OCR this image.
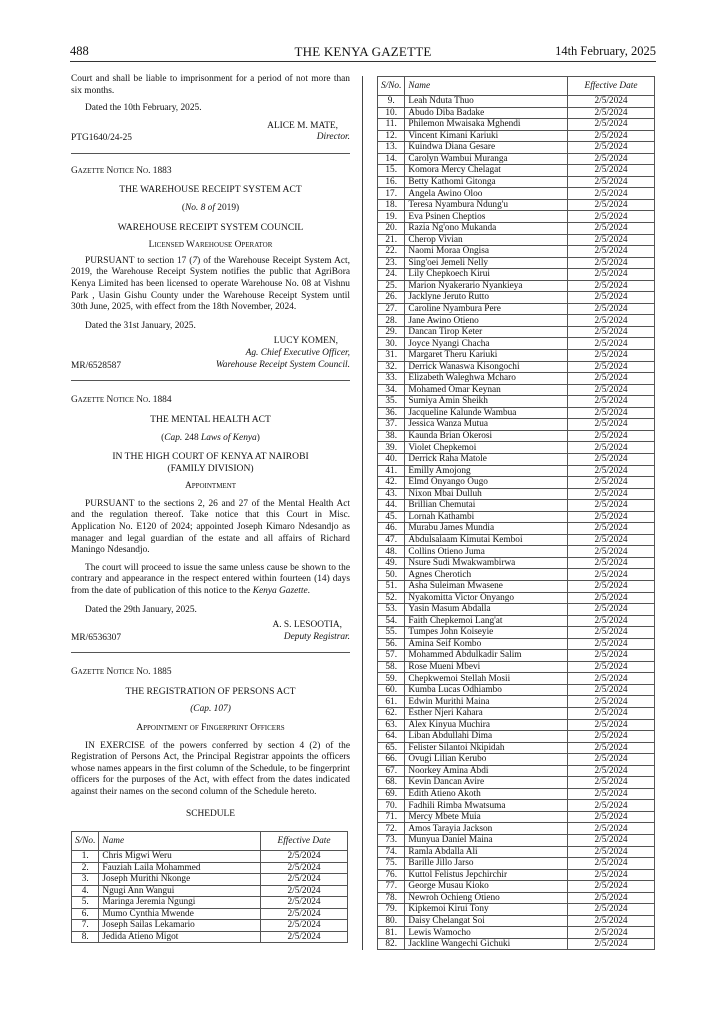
488	THE KENYA GAZETTE	14th February, 2025

Court and shall be liable to imprisonment for a period of not more than six months.

Dated the 10th February, 2025.

ALICE M. MATE,
Director.
PTG1640/24-25

Gazette Notice No. 1883

THE WAREHOUSE RECEIPT SYSTEM ACT

(No. 8 of 2019)

WAREHOUSE RECEIPT SYSTEM COUNCIL

Licensed Warehouse Operator

PURSUANT to section 17 (7) of the Warehouse Receipt System Act, 2019, the Warehouse Receipt System notifies the public that AgriBora Kenya Limited has been licensed to operate Warehouse No. 08 at Vishnu Park , Uasin Gishu County under the Warehouse Receipt System until 30th June, 2025, with effect from the 18th November, 2024.

Dated the 31st January, 2025.

LUCY KOMEN,
Ag. Chief Executive Officer,
Warehouse Receipt System Council.
MR/6528587

Gazette Notice No. 1884

THE MENTAL HEALTH ACT

(Cap. 248 Laws of Kenya)

IN THE HIGH COURT OF KENYA AT NAIROBI

(FAMILY DIVISION)

Appointment

PURSUANT to the sections 2, 26 and 27 of the Mental Health Act and the regulation thereof. Take notice that this Court in Misc. Application No. E120 of 2024; appointed Joseph Kimaro Ndesandjo as manager and legal guardian of the estate and all affairs of Richard Maningo Ndesandjo.

The court will proceed to issue the same unless cause be shown to the contrary and appearance in the respect entered within fourteen (14) days from the date of publication of this notice to the Kenya Gazette.

Dated the 29th January, 2025.

A. S. LESOOTIA,
Deputy Registrar.
MR/6536307

Gazette Notice No. 1885

THE REGISTRATION OF PERSONS ACT

(Cap. 107)

Appointment of Fingerprint Officers

IN EXERCISE of the powers conferred by section 4 (2) of the Registration of Persons Act, the Principal Registrar appoints the officers whose names appears in the first column of the Schedule, to be fingerprint officers for the purposes of the Act, with effect from the dates indicated against their names on the second column of the Schedule hereto.

SCHEDULE

S/No.	Name	Effective Date
1.	Chris Migwi Weru	2/5/2024
2.	Fauziah Laila Mohammed	2/5/2024
3.	Joseph Murithi Nkonge	2/5/2024
4.	Ngugi Ann Wangui	2/5/2024
5.	Maringa Jeremia Ngungi	2/5/2024
6.	Mumo Cynthia Mwende	2/5/2024
7.	Joseph Sailas Lekamario	2/5/2024
8.	Jedida Atieno Migot	2/5/2024
S/No.	Name	Effective Date
9.	Leah Nduta Thuo	2/5/2024
10.	Abudo Diba Badake	2/5/2024
11.	Philemon Mwaisaka Mghendi	2/5/2024
12.	Vincent Kimani Kariuki	2/5/2024
13.	Kuindwa Diana Gesare	2/5/2024
14.	Carolyn Wambui Muranga	2/5/2024
15.	Komora Mercy Chelagat	2/5/2024
16.	Betty Kathomi Gitonga	2/5/2024
17.	Angela Awino Oloo	2/5/2024
18.	Teresa Nyambura Ndung'u	2/5/2024
19.	Eva Psinen Cheptios	2/5/2024
20.	Razia Ng'ono Mukanda	2/5/2024
21.	Cherop Vivian	2/5/2024
22.	Naomi Moraa Ongisa	2/5/2024
23.	Sing'oei Jemeli Nelly	2/5/2024
24.	Lily Chepkoech Kirui	2/5/2024
25.	Marion Nyakerario Nyankieya	2/5/2024
26.	Jacklyne Jeruto Rutto	2/5/2024
27.	Caroline Nyambura Pere	2/5/2024
28.	Jane Awino Otieno	2/5/2024
29.	Dancan Tirop Keter	2/5/2024
30.	Joyce Nyangi Chacha	2/5/2024
31.	Margaret Theru Kariuki	2/5/2024
32.	Derrick Wanaswa Kisongochi	2/5/2024
33.	Elizabeth Waleghwa Mcharo	2/5/2024
34.	Mohamed Omar Keynan	2/5/2024
35.	Sumiya Amin Sheikh	2/5/2024
36.	Jacqueline Kalunde Wambua	2/5/2024
37.	Jessica Wanza Mutua	2/5/2024
38.	Kaunda Brian Okerosi	2/5/2024
39.	Violet Chepkemoi	2/5/2024
40.	Derrick Raha Matole	2/5/2024
41.	Emilly Amojong	2/5/2024
42.	Elmd Onyango Ougo	2/5/2024
43.	Nixon Mbai Dulluh	2/5/2024
44.	Brillian Chemutai	2/5/2024
45.	Lornah Kathambi	2/5/2024
46.	Murabu James Mundia	2/5/2024
47.	Abdulsalaam Kimutai Kemboi	2/5/2024
48.	Collins Otieno Juma	2/5/2024
49.	Nsure Sudi Mwakwambirwa	2/5/2024
50.	Agnes Cherotich	2/5/2024
51.	Asha Suleiman Mwasene	2/5/2024
52.	Nyakomitta Victor Onyango	2/5/2024
53.	Yasin Masum Abdalla	2/5/2024
54.	Faith Chepkemoi Lang'at	2/5/2024
55.	Tumpes John Koiseyie	2/5/2024
56.	Amina Seif Kombo	2/5/2024
57.	Mohammed Abdulkadir Salim	2/5/2024
58.	Rose Mueni Mbevi	2/5/2024
59.	Chepkwemoi Stellah Mosii	2/5/2024
60.	Kumba Lucas Odhiambo	2/5/2024
61.	Edwin Murithi Maina	2/5/2024
62.	Esther Njeri Kahara	2/5/2024
63.	Alex Kinyua Muchira	2/5/2024
64.	Liban Abdullahi Dima	2/5/2024
65.	Felister Silantoi Nkipidah	2/5/2024
66.	Ovugi Lilian Kerubo	2/5/2024
67.	Noorkey Amina Abdi	2/5/2024
68.	Kevin Dancan Avire	2/5/2024
69.	Edith Atieno Akoth	2/5/2024
70.	Fadhili Rimba Mwatsuma	2/5/2024
71.	Mercy Mbete Muia	2/5/2024
72.	Amos Tarayia Jackson	2/5/2024
73.	Munyua Daniel Maina	2/5/2024
74.	Ramla Abdalla Ali	2/5/2024
75.	Barille Jillo Jarso	2/5/2024
76.	Kuttol Felistus Jepchirchir	2/5/2024
77.	George Musau Kioko	2/5/2024
78.	Newroh Ochieng Otieno	2/5/2024
79.	Kipkemoi Kirui Tony	2/5/2024
80.	Daisy Chelangat Soi	2/5/2024
81.	Lewis Wamocho	2/5/2024
82.	Jackline Wangechi Gichuki	2/5/2024
